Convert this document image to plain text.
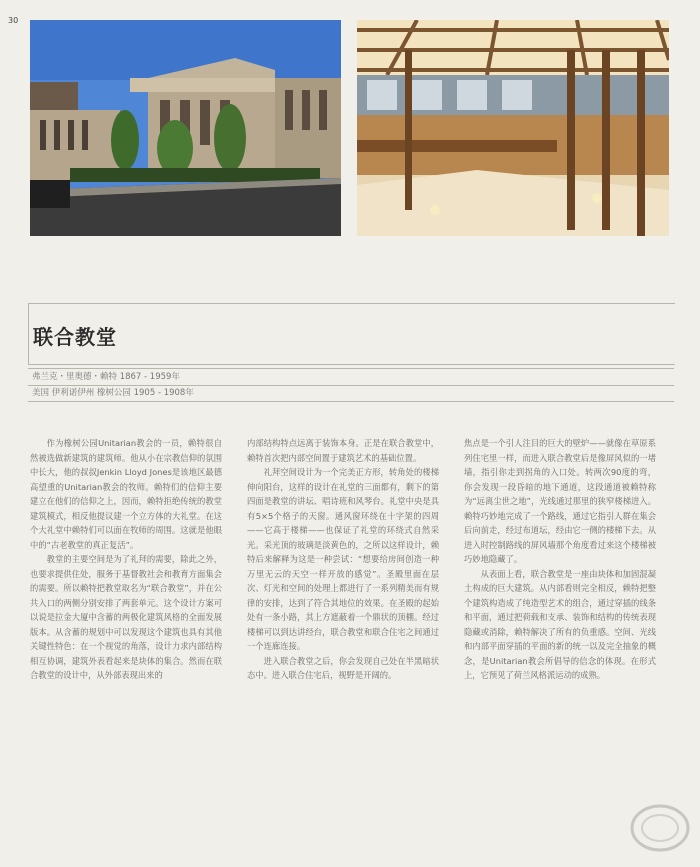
30
联合教堂
弗兰克・里奥德・赖特 1867 - 1959年
美国 伊利诺伊州 橡树公园 1905 - 1908年

作为橡树公园Unitarian教会的一员，赖特很自然被选做新建筑的建筑师。他从小在宗教信仰的氛围中长大，他的叔叔Jenkin Lloyd Jones是该地区最德高望重的Unitarian教会的牧师。赖特们的信仰主要建立在他们的信仰之上，因而，赖特拒绝传统的教堂建筑模式，相反他提议建一个立方体的大礼堂。在这个大礼堂中赖特们可以面在牧师的周围。这就是他眼中的“古老教堂的真正复活”。

教堂的主要空间是为了礼拜的需要，除此之外，也要求提供住处，服务于基督教社会和教育方面集会的需要。所以赖特把教堂取名为“联合教堂”，并在公共入口的两侧分别安排了两套单元。这个设计方案可以说是拉金大厦中含蓄的两极化建筑风格的全面发展版本。从含蓄的规划中可以发现这个建筑也具有其他关键性特色：在一个视觉的角落，设计力求内部结构相互协调，建筑外表看起来是块体的集合。然而在联合教堂的设计中，从外部表现出来的

内部结构特点远离于装饰本身。正是在联合教堂中，赖特首次把内部空间置于建筑艺术的基础位置。

礼拜空间设计为一个完美正方形，转角处的楼梯伸向阳台，这样的设计在礼堂的三面都有，剩下的第四面是教堂的讲坛、唱诗班和风琴台。礼堂中央是具有5×5个格子的天窗。通风窗环绕在十字架的四周——它高于楼梯——也保证了礼堂的环绕式自然采光。采光顶的玻璃是淡黄色的，之所以这样设计，赖特后来解释为这是一种尝试：“想要给房间创造一种万里无云的天空一样开放的感觉”。圣殿里面在层次、灯光和空间的处理上都进行了一系列精美而有规律的安排，达到了符合其地位的效果。在圣殿的起始处有一条小路，其上方遮蔽着一个鼎状的顶棚。经过楼梯可以到达讲经台，联合教堂和联合住宅之间通过一个连廊连接。

进入联合教堂之后，你会发现自己处在半黑暗状态中。进入联合住宅后，视野是开阔的。

焦点是一个引人注目的巨大的壁炉——就像在草原系列住宅里一样，而进入联合教堂后是像屏风似的一堵墙，指引你走到拐角的入口处。转两次90度的弯，你会发现一段昏暗的地下通道，这段通道被赖特称为“远离尘世之地”，光线通过那里的狭窄楼梯进入。赖特巧妙地完成了一个路线，通过它指引人群在集会后向前走，经过布道坛，经由它一侧的楼梯下去。从进入时控制路线的屏风墙那个角度看过来这个楼梯被巧妙地隐藏了。

从表面上看，联合教堂是一座由块体和加固混凝土构成的巨大建筑。从内部看则完全相反，赖特把整个建筑构造成了纯造型艺术的组合，通过穿插的线条和平面，通过把荷载和支承、装饰和结构的传统表现隐藏或消除，赖特解决了所有的负重感。空间、光线和内部平面穿插的平面的新的统一以及完全抽象的概念，是Unitarian教会所倡导的信念的体现。在形式上，它预见了荷兰风格派运动的成熟。
